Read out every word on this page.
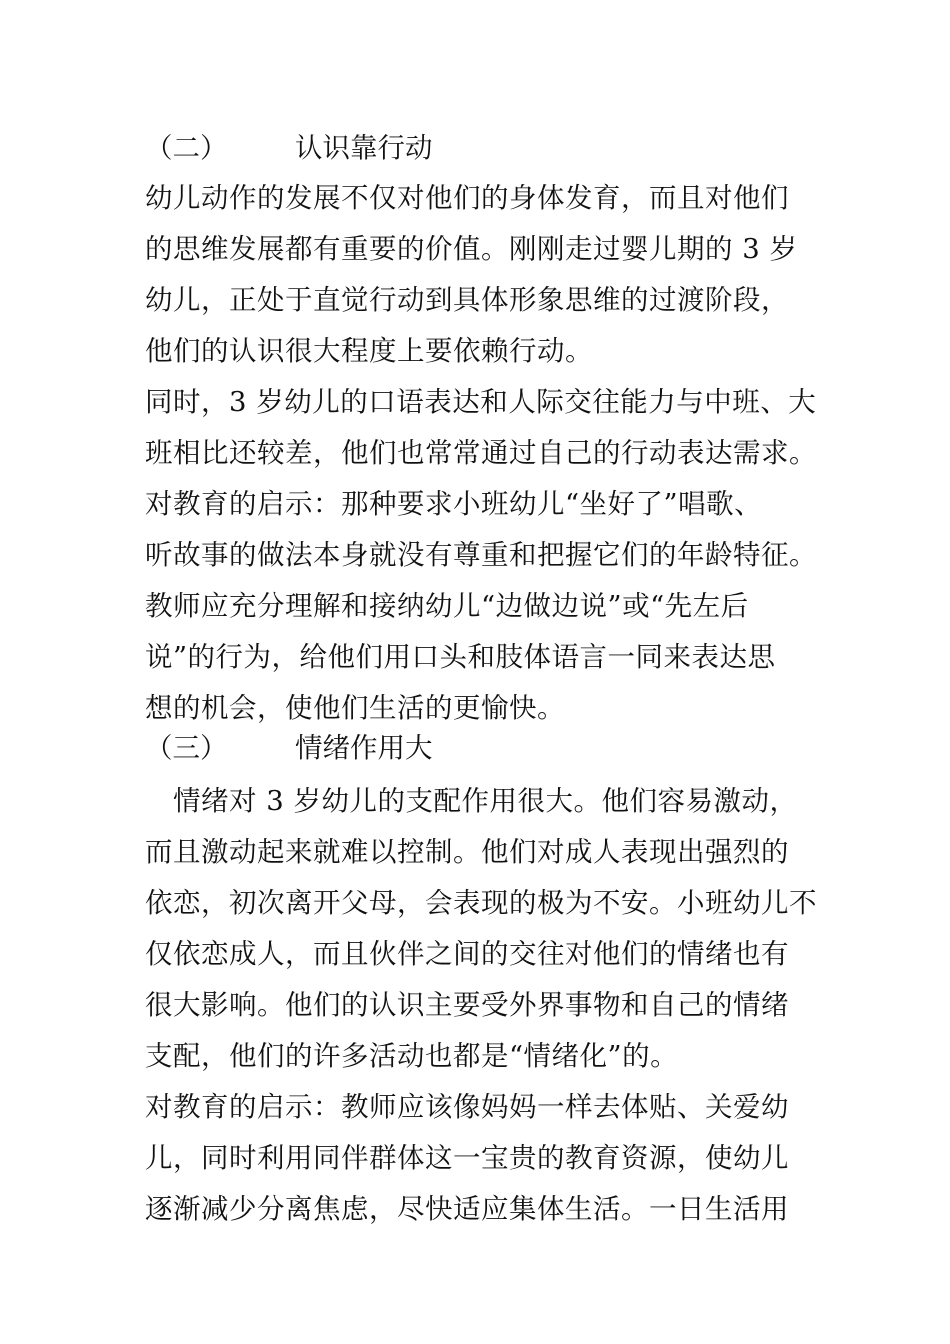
（二） 认识靠行动
幼儿动作的发展不仅对他们的身体发育，而且对他们
的思维发展都有重要的价值。刚刚走过婴儿期的 3 岁
幼儿，正处于直觉行动到具体形象思维的过渡阶段，
他们的认识很大程度上要依赖行动。
同时，3 岁幼儿的口语表达和人际交往能力与中班、大
班相比还较差，他们也常常通过自己的行动表达需求。
对教育的启示：那种要求小班幼儿“坐好了”唱歌、
听故事的做法本身就没有尊重和把握它们的年龄特征。
教师应充分理解和接纳幼儿“边做边说”或“先左后
说”的行为，给他们用口头和肢体语言一同来表达思
想的机会，使他们生活的更愉快。
（三） 情绪作用大
　情绪对 3 岁幼儿的支配作用很大。他们容易激动，
而且激动起来就难以控制。他们对成人表现出强烈的
依恋，初次离开父母，会表现的极为不安。小班幼儿不
仅依恋成人，而且伙伴之间的交往对他们的情绪也有
很大影响。他们的认识主要受外界事物和自己的情绪
支配，他们的许多活动也都是“情绪化”的。
对教育的启示：教师应该像妈妈一样去体贴、关爱幼
儿，同时利用同伴群体这一宝贵的教育资源，使幼儿
逐渐减少分离焦虑，尽快适应集体生活。一日生活用
